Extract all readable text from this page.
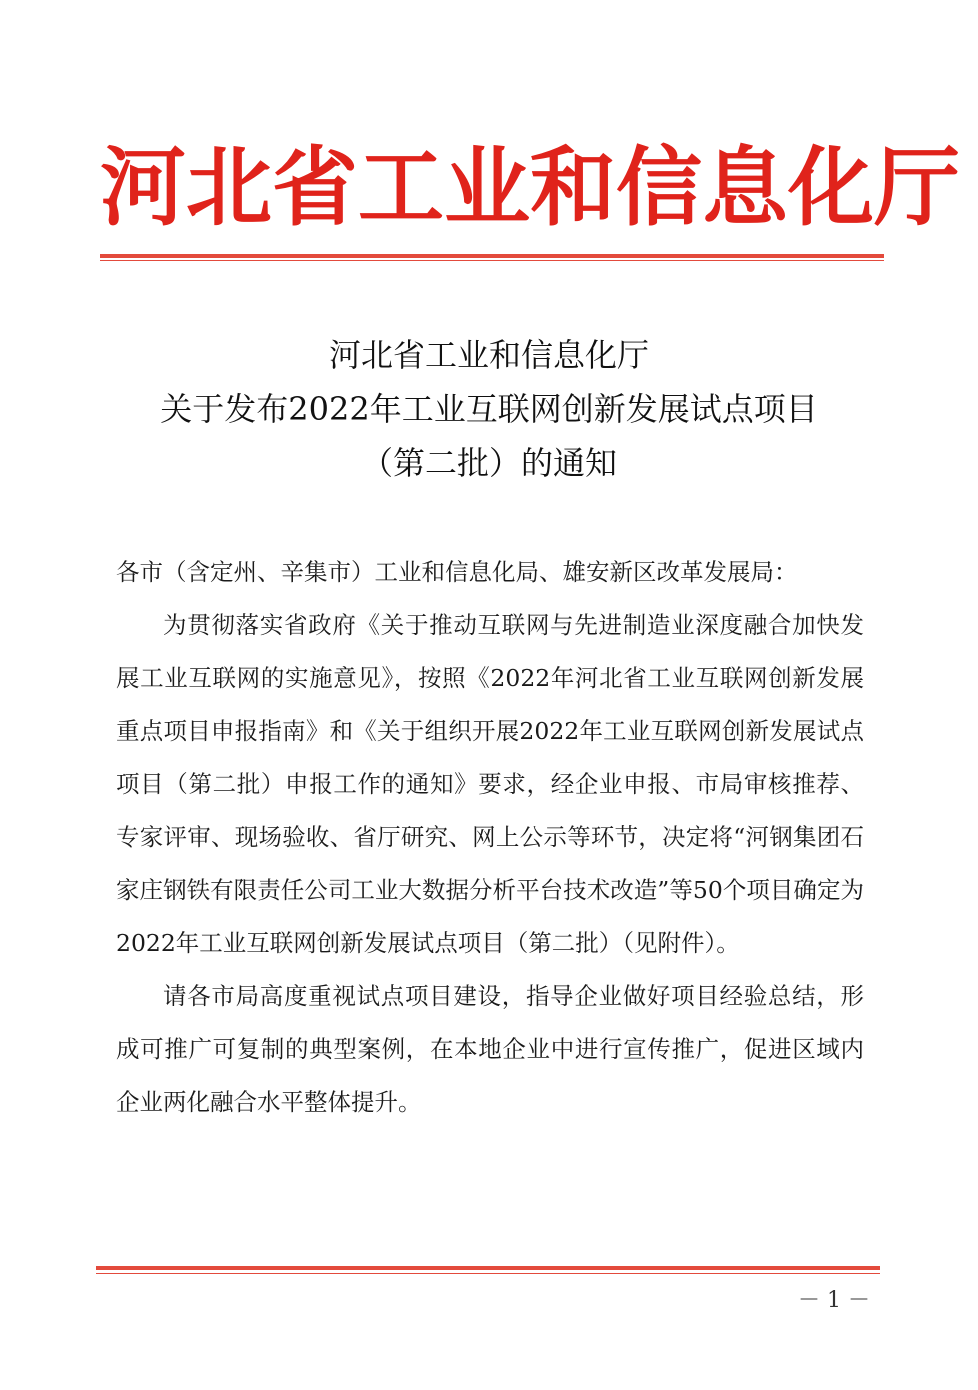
河北省工业和信息化厅
河北省工业和信息化厅
关于发布2022年工业互联网创新发展试点项目
（第二批）的通知

各市（含定州、辛集市）工业和信息化局、雄安新区改革发展局：

为贯彻落实省政府《关于推动互联网与先进制造业深度融合加快发展工业互联网的实施意见》，按照《2022年河北省工业互联网创新发展重点项目申报指南》和《关于组织开展2022年工业互联网创新发展试点项目（第二批）申报工作的通知》要求，经企业申报、市局审核推荐、专家评审、现场验收、省厅研究、网上公示等环节，决定将“河钢集团石家庄钢铁有限责任公司工业大数据分析平台技术改造”等50个项目确定为2022年工业互联网创新发展试点项目（第二批）（见附件）。

请各市局高度重视试点项目建设，指导企业做好项目经验总结，形成可推广可复制的典型案例，在本地企业中进行宣传推广，促进区域内企业两化融合水平整体提升。

－ 1 －
